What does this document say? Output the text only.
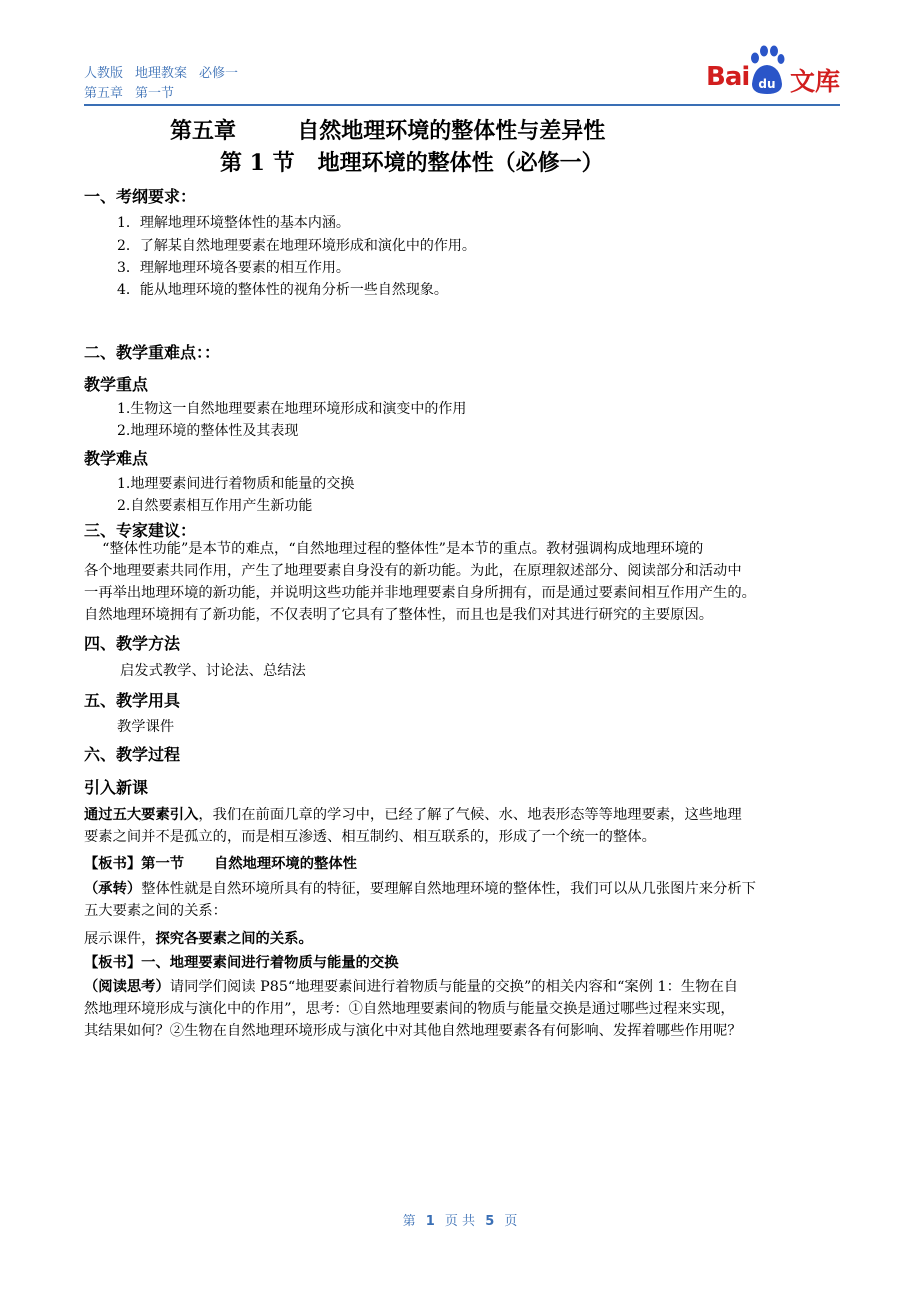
人教版 地理教案 必修一
第五章 第一节
Bai du 文库
第五章        自然地理环境的整体性与差异性
第 1 节   地理环境的整体性（必修一）
一、考纲要求：
1．理解地理环境整体性的基本内涵。
2．了解某自然地理要素在地理环境形成和演化中的作用。
3．理解地理环境各要素的相互作用。
4．能从地理环境的整体性的视角分析一些自然现象。
二、教学重难点：：
教学重点
1.生物这一自然地理要素在地理环境形成和演变中的作用
2.地理环境的整体性及其表现
教学难点
1.地理要素间进行着物质和能量的交换
2.自然要素相互作用产生新功能
三、专家建议：
“整体性功能”是本节的难点，“自然地理过程的整体性”是本节的重点。教材强调构成地理环境的
各个地理要素共同作用，产生了地理要素自身没有的新功能。为此，在原理叙述部分、阅读部分和活动中
一再举出地理环境的新功能，并说明这些功能并非地理要素自身所拥有，而是通过要素间相互作用产生的。
自然地理环境拥有了新功能，不仅表明了它具有了整体性，而且也是我们对其进行研究的主要原因。
四、教学方法
启发式教学、讨论法、总结法
五、教学用具
教学课件
六、教学过程
引入新课
通过五大要素引入，我们在前面几章的学习中，已经了解了气候、水、地表形态等等地理要素，这些地理
要素之间并不是孤立的，而是相互渗透、相互制约、相互联系的，形成了一个统一的整体。
【板书】第一节      自然地理环境的整体性
（承转）整体性就是自然环境所具有的特征，要理解自然地理环境的整体性，我们可以从几张图片来分析下
五大要素之间的关系：
展示课件，探究各要素之间的关系。
【板书】一、地理要素间进行着物质与能量的交换
（阅读思考）请同学们阅读 P85“地理要素间进行着物质与能量的交换”的相关内容和“案例 1：生物在自
然地理环境形成与演化中的作用”，思考：①自然地理要素间的物质与能量交换是通过哪些过程来实现，
其结果如何？②生物在自然地理环境形成与演化中对其他自然地理要素各有何影响、发挥着哪些作用呢？
第 1 页 共 5 页
